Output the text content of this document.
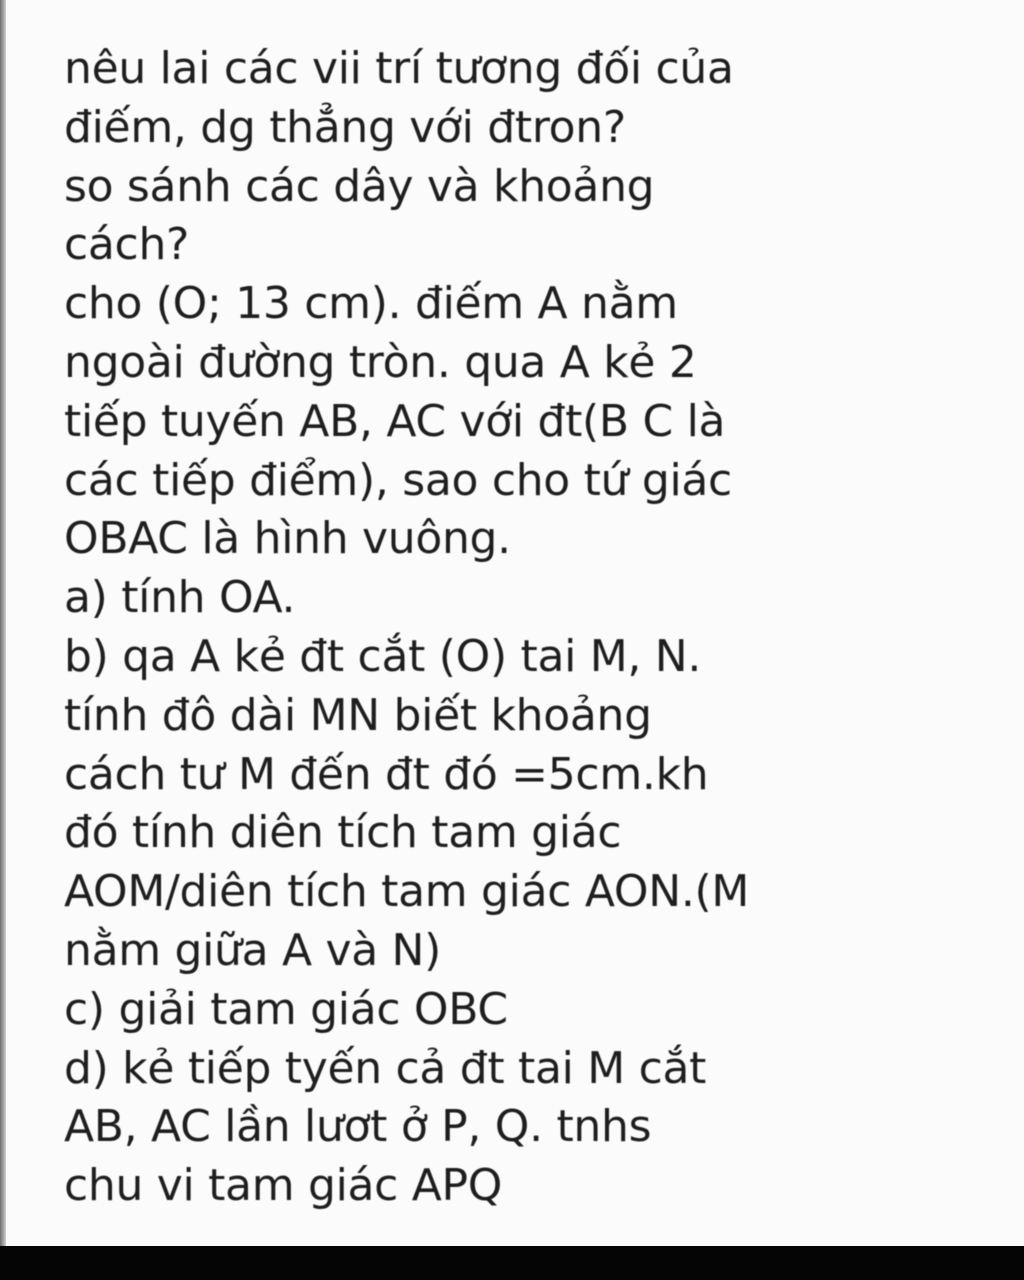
nêu lai các vii trí tương đối của
điếm, dg thẳng với đtron?
so sánh các dây và khoảng
cách?
cho (O; 13 cm). điếm A nằm
ngoài đường tròn. qua A kẻ 2
tiếp tuyến AB, AC với đt(B C là
các tiếp điểm), sao cho tứ giác
OBAC là hình vuông.
a) tính OA.
b) qa A kẻ đt cắt (O) tai M, N.
tính đô dài MN biết khoảng
cách tư M đến đt đó =5cm.kh
đó tính diên tích tam giác
AOM/diên tích tam giác AON.(M
nằm giữa A và N)
c) giải tam giác OBC
d) kẻ tiếp tyến cả đt tai M cắt
AB, AC lần lươt ở P, Q. tnhs
chu vi tam giác APQ
